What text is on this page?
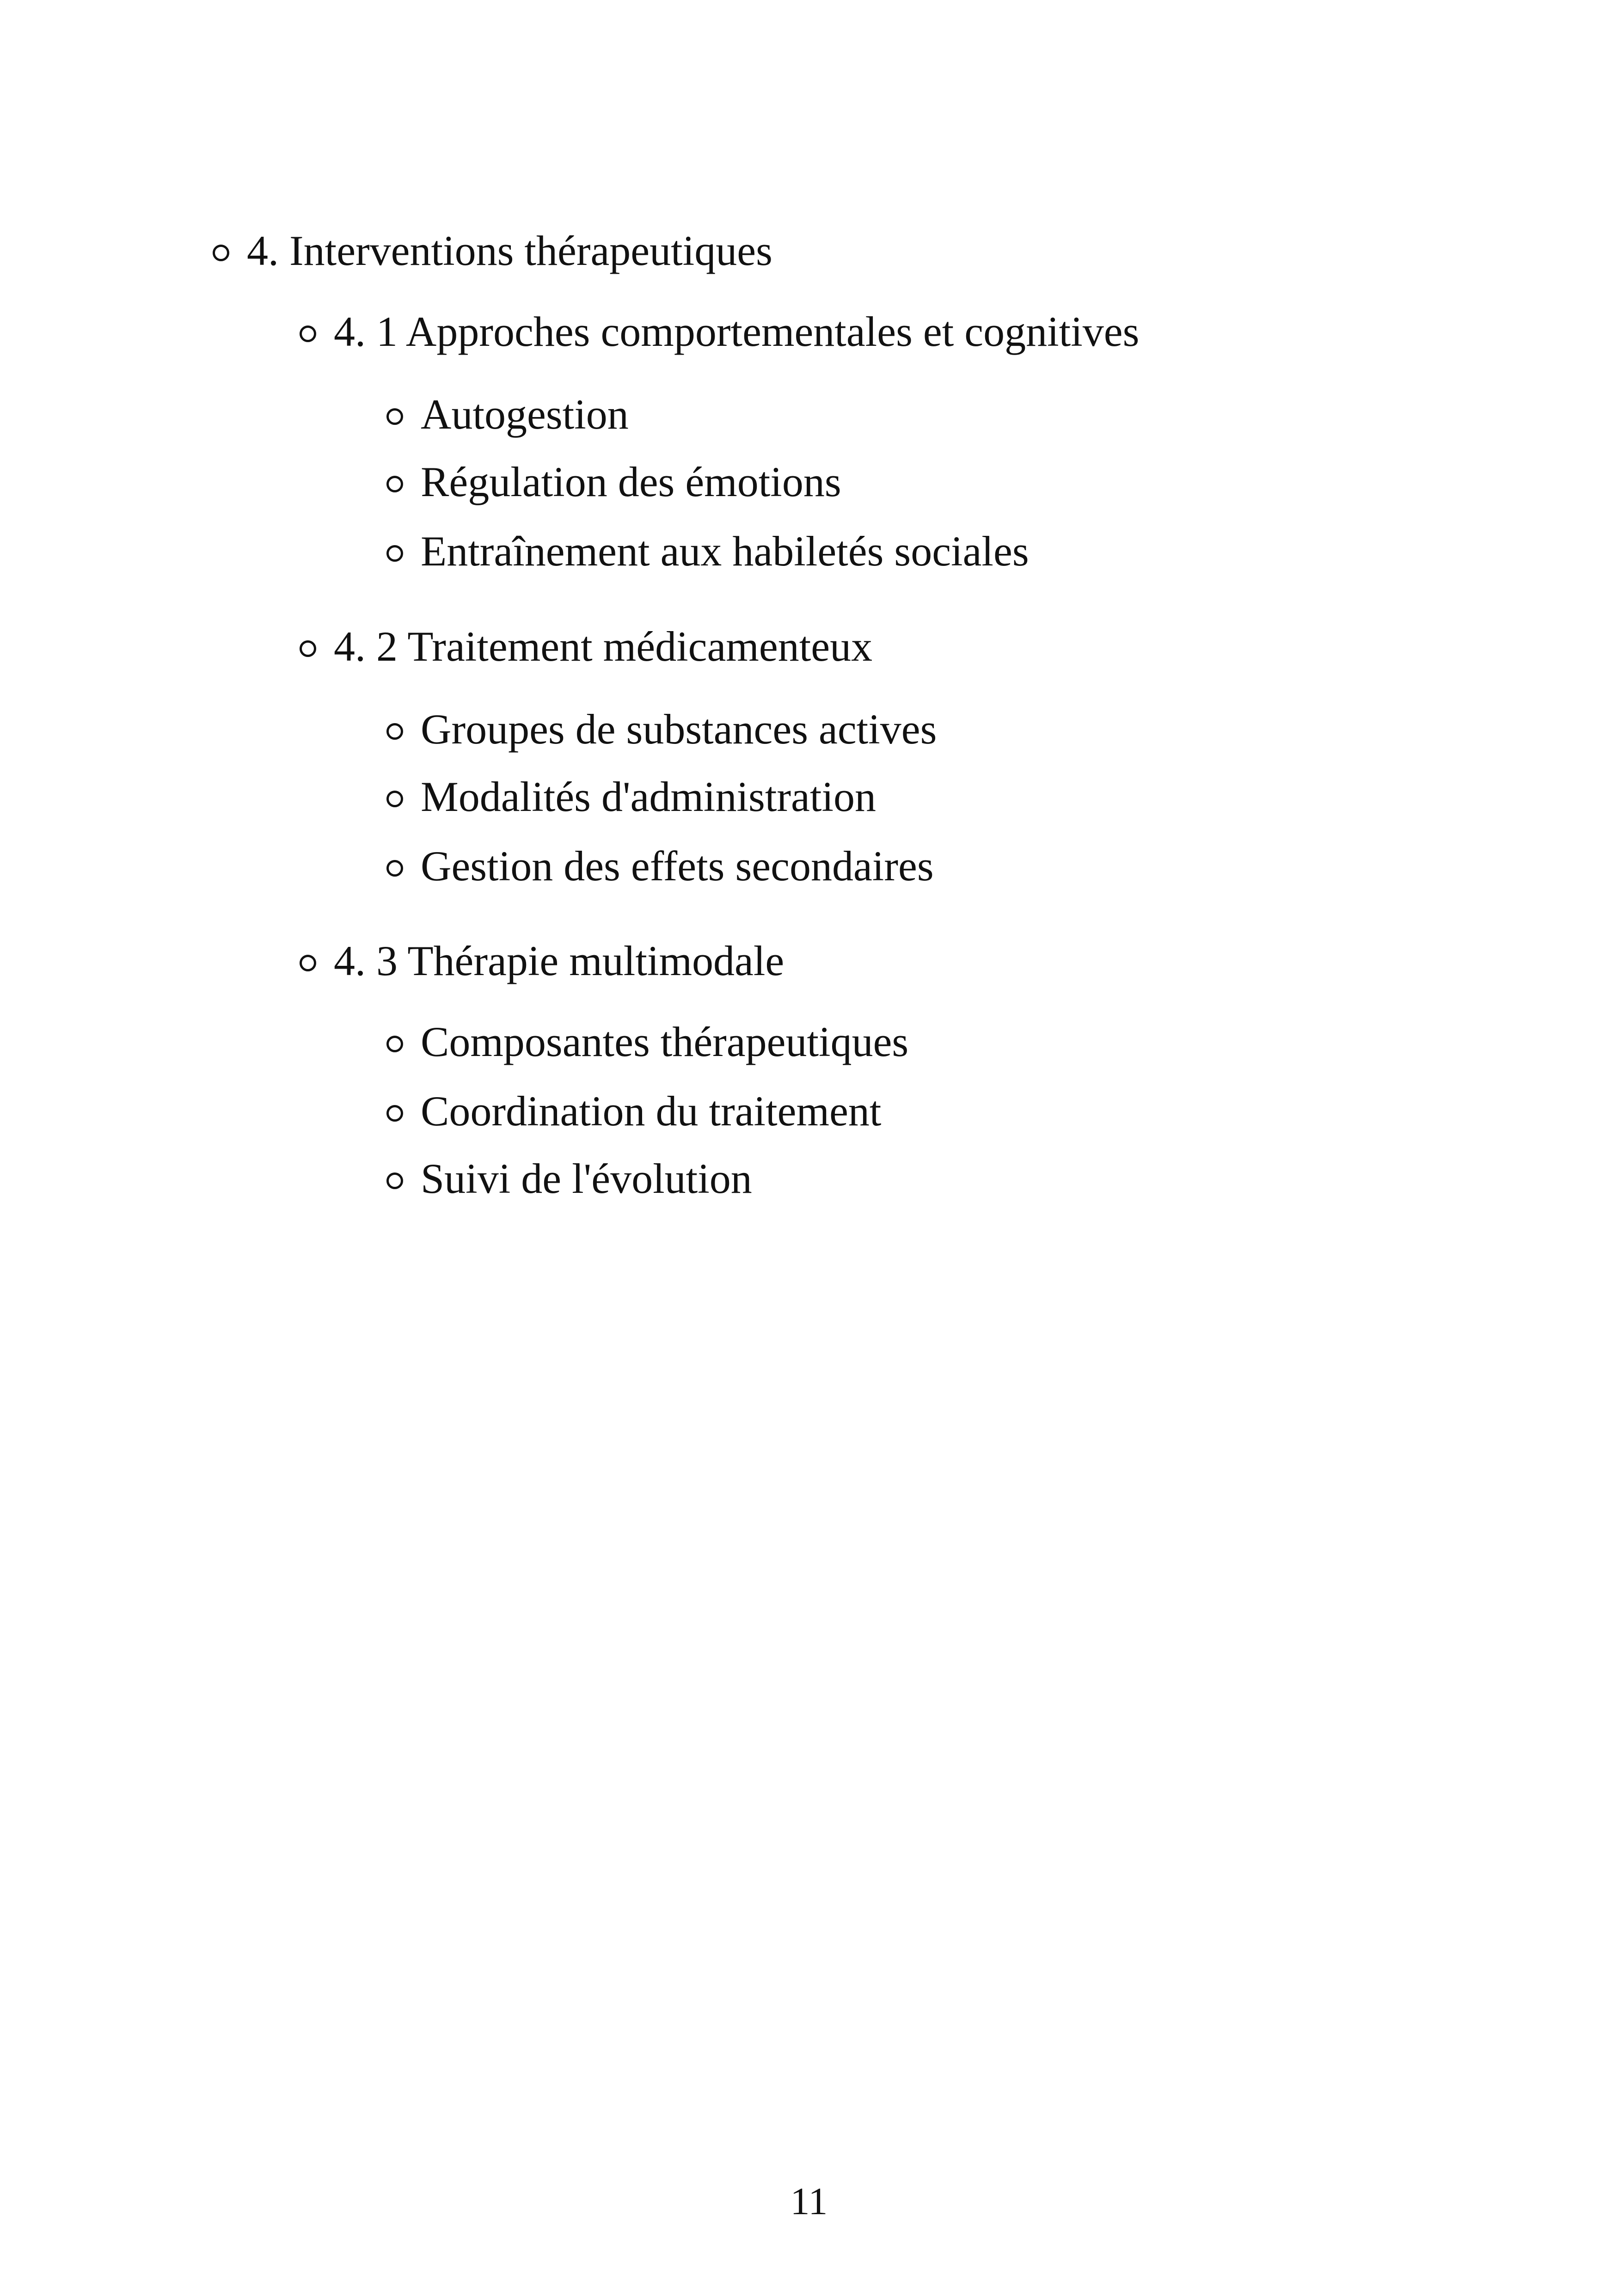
4. Interventions thérapeutiques
4. 1 Approches comportementales et cognitives
Autogestion
Régulation des émotions
Entraînement aux habiletés sociales
4. 2 Traitement médicamenteux
Groupes de substances actives
Modalités d'administration
Gestion des effets secondaires
4. 3 Thérapie multimodale
Composantes thérapeutiques
Coordination du traitement
Suivi de l'évolution
11
